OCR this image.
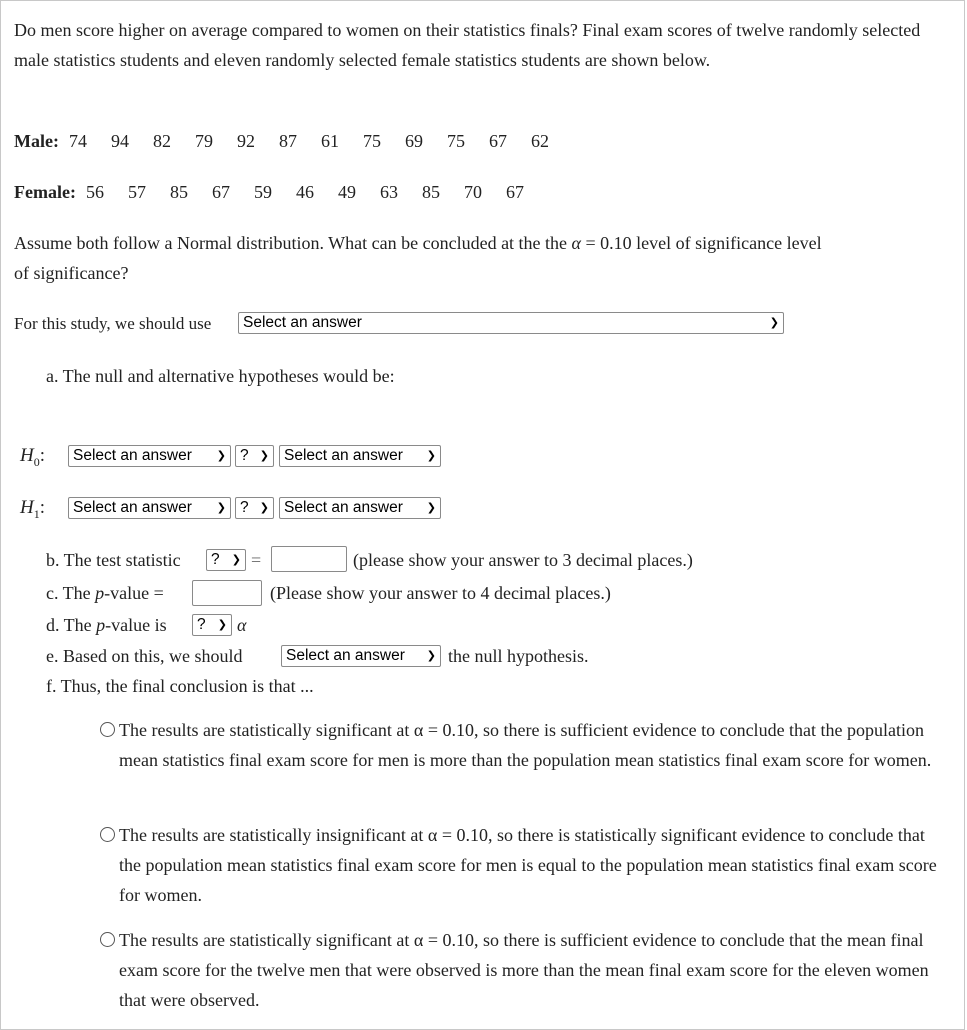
Do men score higher on average compared to women on their statistics finals? Final exam scores of twelve randomly selected male statistics students and eleven randomly selected female statistics students are shown below.
Male: 74 94 82 79 92 87 61 75 69 75 67 62
Female: 56 57 85 67 59 46 49 63 85 70 67
Assume both follow a Normal distribution. What can be concluded at the the α = 0.10 level of significance level
of significance?
For this study, we should use	Select an answer	❯
a. The null and alternative hypotheses would be:
$H_0$:	Select an answer ❯ ? ❯ Select an answer ❯
$H_1$:	Select an answer ❯ ? ❯ Select an answer ❯
b. The test statistic	? ❯ =	(please show your answer to 3 decimal places.)
c. The p-value =	(Please show your answer to 4 decimal places.)
d. The p-value is	? ❯ α
e. Based on this, we should	Select an answer ❯ the null hypothesis.
f. Thus, the final conclusion is that ...
The results are statistically significant at α = 0.10, so there is sufficient evidence to conclude that the population mean statistics final exam score for men is more than the population mean statistics final exam score for women.
The results are statistically insignificant at α = 0.10, so there is statistically significant evidence to conclude that the population mean statistics final exam score for men is equal to the population mean statistics final exam score for women.
The results are statistically significant at α = 0.10, so there is sufficient evidence to conclude that the mean final exam score for the twelve men that were observed is more than the mean final exam score for the eleven women that were observed.
